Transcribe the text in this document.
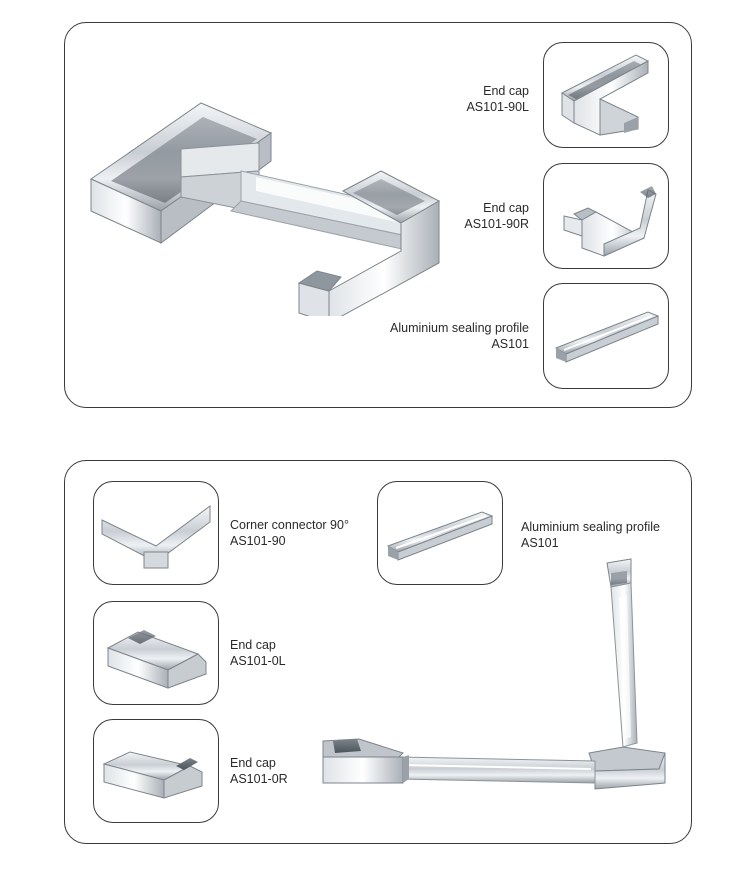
End cap
AS101-90L
End cap
AS101-90R
Aluminium sealing profile
AS101
Corner connector 90°
AS101-90
End cap
AS101-0L
End cap
AS101-0R
Aluminium sealing profile
AS101
